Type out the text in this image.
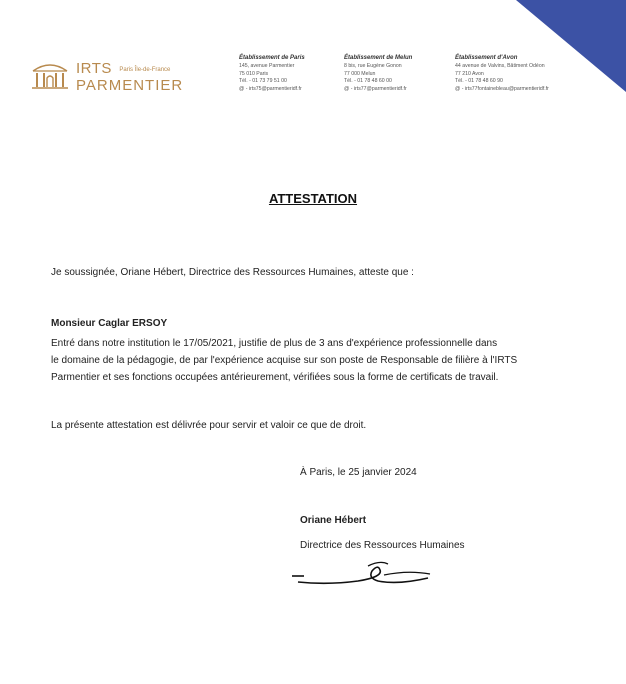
IRTS Paris Île-de-France
PARMENTIER
Établissement de Paris
145, avenue Parmentier
75 010 Paris
Tél. - 01 73 79 51 00
@ - irts75@parmentieridf.fr
Établissement de Melun
8 bis, rue Eugène Gonon
77 000 Melun
Tél. - 01 78 48 60 00
@ - irts77@parmentieridf.fr
Établissement d'Avon
44 avenue de Valvins, Bâtiment Odéon
77 210 Avon
Tél. - 01 78 48 60 90
@ - irts77fontainebleau@parmentieridf.fr
ATTESTATION
Je soussignée, Oriane Hébert, Directrice des Ressources Humaines, atteste que :
Monsieur Caglar ERSOY
Entré dans notre institution le 17/05/2021, justifie de plus de 3 ans d'expérience professionnelle dans
le domaine de la pédagogie, de par l'expérience acquise sur son poste de Responsable de filière à l'IRTS
Parmentier et ses fonctions occupées antérieurement, vérifiées sous la forme de certificats de travail.
La présente attestation est délivrée pour servir et valoir ce que de droit.
À Paris, le 25 janvier 2024
Oriane Hébert
Directrice des Ressources Humaines
